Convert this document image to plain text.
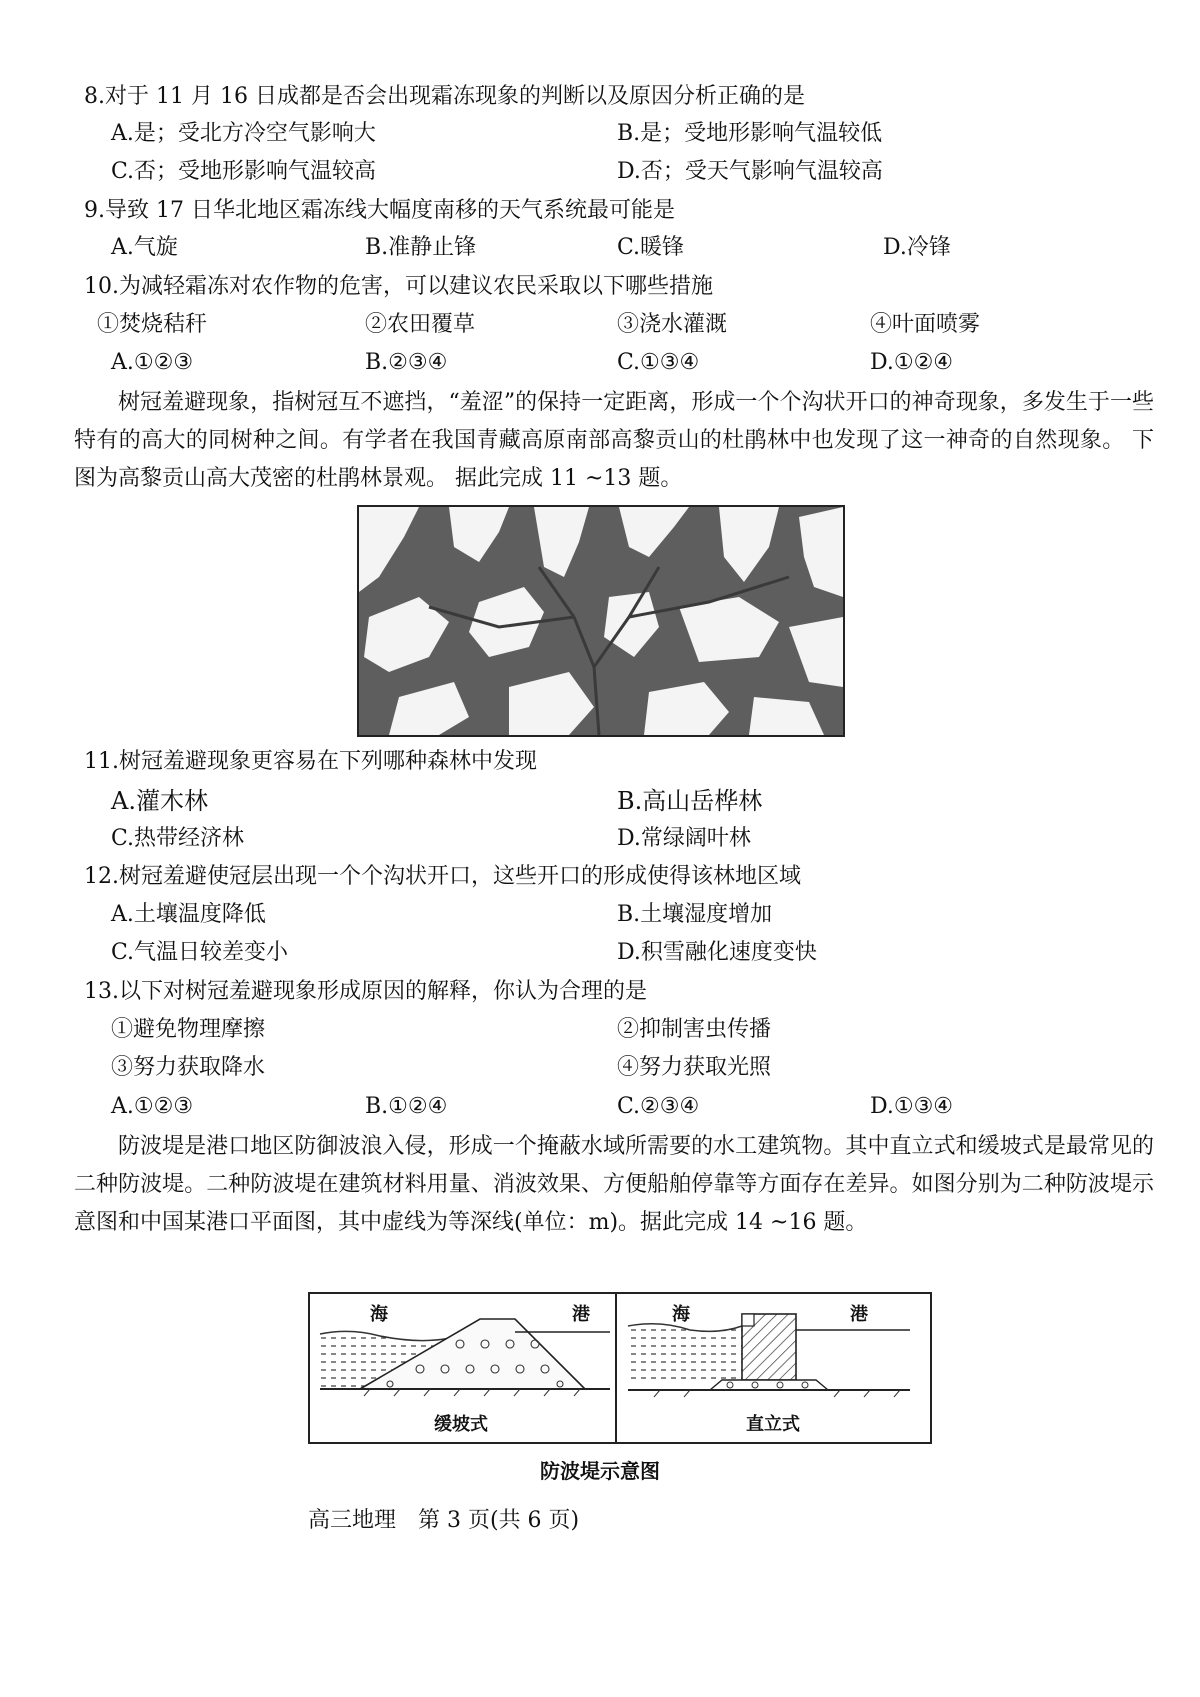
8.对于 11 月 16 日成都是否会出现霜冻现象的判断以及原因分析正确的是
A.是；受北方冷空气影响大	B.是；受地形影响气温较低
C.否；受地形影响气温较高	D.否；受天气影响气温较高
9.导致 17 日华北地区霜冻线大幅度南移的天气系统最可能是
A.气旋	B.准静止锋	C.暖锋	D.冷锋
10.为减轻霜冻对农作物的危害，可以建议农民采取以下哪些措施
①焚烧秸秆	②农田覆草	③浇水灌溉	④叶面喷雾
A.①②③	B.②③④	C.①③④	D.①②④
树冠羞避现象，指树冠互不遮挡，“羞涩”的保持一定距离，形成一个个沟状开口的神奇现象，多发生于一些特有的高大的同树种之间。有学者在我国青藏高原南部高黎贡山的杜鹃林中也发现了这一神奇的自然现象。 下图为高黎贡山高大茂密的杜鹃林景观。 据此完成 11 ~13 题。
11.树冠羞避现象更容易在下列哪种森林中发现
A.灌木林	B.高山岳桦林
C.热带经济林	D.常绿阔叶林
12.树冠羞避使冠层出现一个个沟状开口，这些开口的形成使得该林地区域
A.土壤温度降低	B.土壤湿度增加
C.气温日较差变小	D.积雪融化速度变快
13.以下对树冠羞避现象形成原因的解释，你认为合理的是
①避免物理摩擦	②抑制害虫传播
③努力获取降水	④努力获取光照
A.①②③	B.①②④	C.②③④	D.①③④
防波堤是港口地区防御波浪入侵，形成一个掩蔽水域所需要的水工建筑物。其中直立式和缓坡式是最常见的二种防波堤。二种防波堤在建筑材料用量、消波效果、方便船舶停靠等方面存在差异。如图分别为二种防波堤示意图和中国某港口平面图，其中虚线为等深线(单位：m)。据此完成 14 ~16 题。
海	港
缓坡式
海	港
直立式
防波堤示意图
高三地理　第 3 页(共 6 页)
